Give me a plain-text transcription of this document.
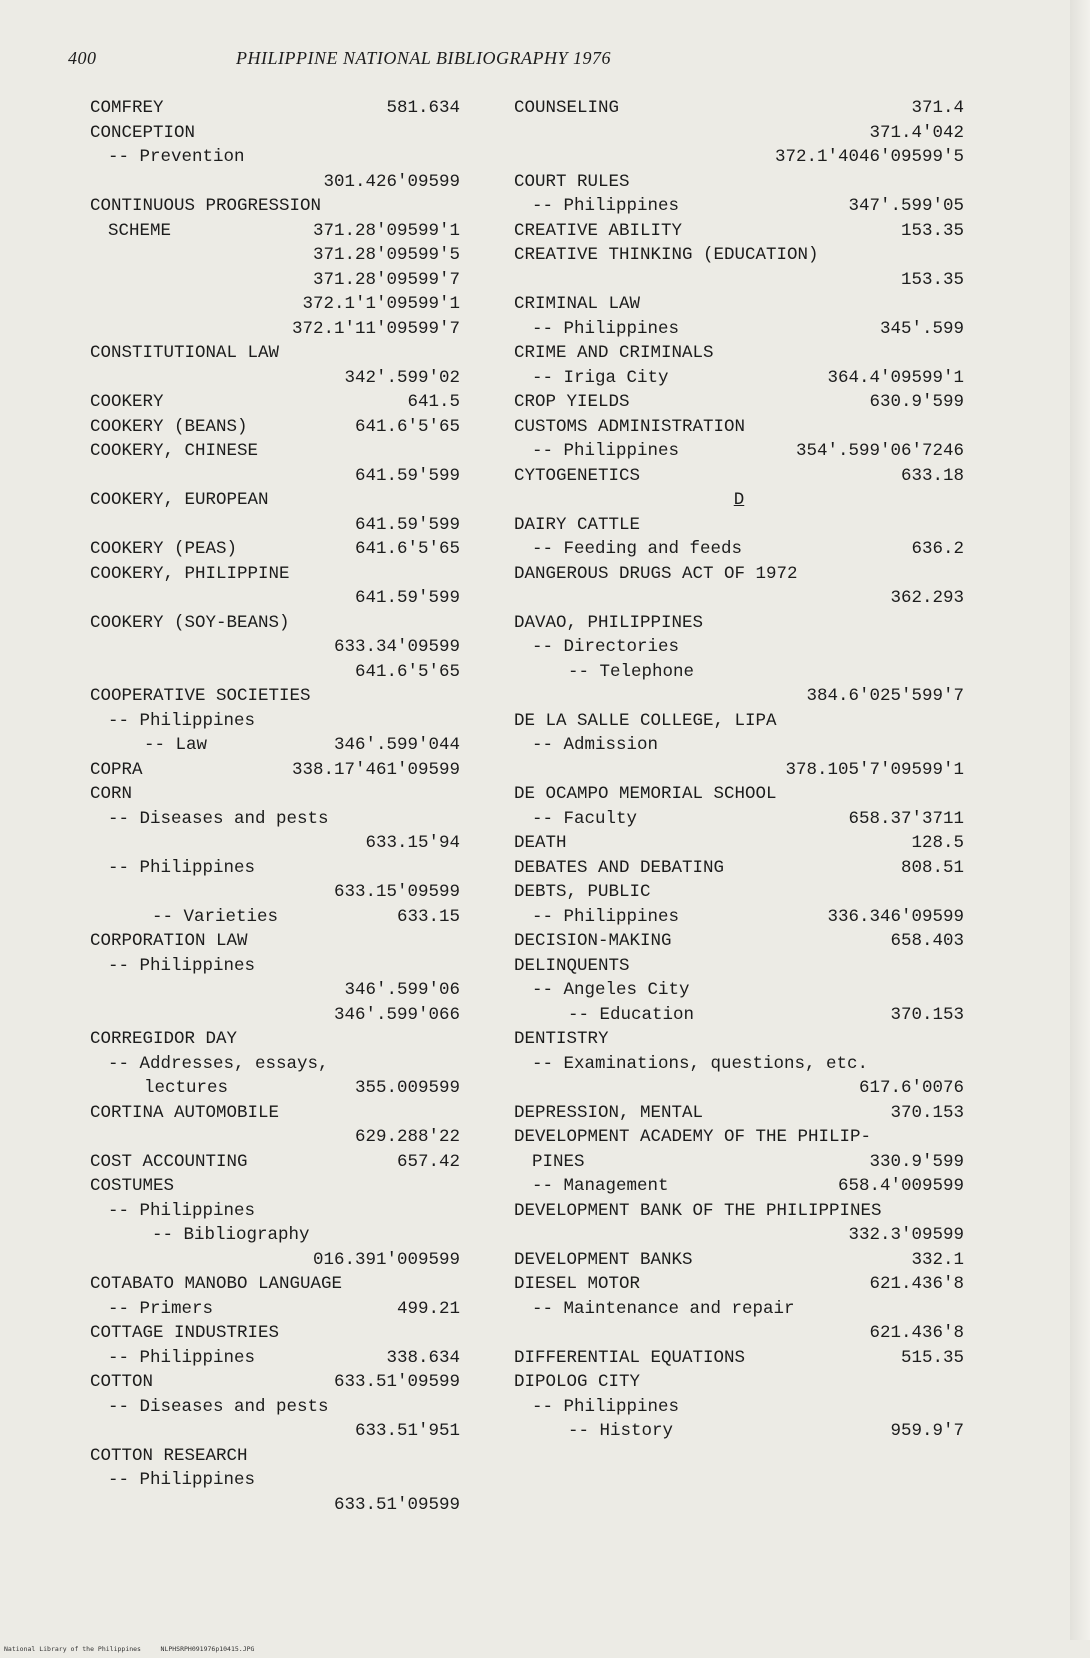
400	PHILIPPINE NATIONAL BIBLIOGRAPHY 1976
COMFREY	581.634
CONCEPTION
-- Prevention
301.426'09599
CONTINUOUS PROGRESSION
SCHEME	371.28'09599'1
371.28'09599'5
371.28'09599'7
372.1'1'09599'1
372.1'11'09599'7
CONSTITUTIONAL LAW
342'.599'02
COOKERY	641.5
COOKERY (BEANS)	641.6'5'65
COOKERY, CHINESE
641.59'599
COOKERY, EUROPEAN
641.59'599
COOKERY (PEAS)	641.6'5'65
COOKERY, PHILIPPINE
641.59'599
COOKERY (SOY-BEANS)
633.34'09599
641.6'5'65
COOPERATIVE SOCIETIES
-- Philippines
-- Law	346'.599'044
COPRA	338.17'461'09599
CORN
-- Diseases and pests
633.15'94
-- Philippines
633.15'09599
-- Varieties	633.15
CORPORATION LAW
-- Philippines
346'.599'06
346'.599'066
CORREGIDOR DAY
-- Addresses, essays,
lectures	355.009599
CORTINA AUTOMOBILE
629.288'22
COST ACCOUNTING	657.42
COSTUMES
-- Philippines
-- Bibliography
016.391'009599
COTABATO MANOBO LANGUAGE
-- Primers	499.21
COTTAGE INDUSTRIES
-- Philippines	338.634
COTTON	633.51'09599
-- Diseases and pests
633.51'951
COTTON RESEARCH
-- Philippines
633.51'09599
COUNSELING	371.4
371.4'042
372.1'4046'09599'5
COURT RULES
-- Philippines	347'.599'05
CREATIVE ABILITY	153.35
CREATIVE THINKING (EDUCATION)
153.35
CRIMINAL LAW
-- Philippines	345'.599
CRIME AND CRIMINALS
-- Iriga City	364.4'09599'1
CROP YIELDS	630.9'599
CUSTOMS ADMINISTRATION
-- Philippines	354'.599'06'7246
CYTOGENETICS	633.18
D
DAIRY CATTLE
-- Feeding and feeds	636.2
DANGEROUS DRUGS ACT OF 1972
362.293
DAVAO, PHILIPPINES
-- Directories
-- Telephone
384.6'025'599'7
DE LA SALLE COLLEGE, LIPA
-- Admission
378.105'7'09599'1
DE OCAMPO MEMORIAL SCHOOL
-- Faculty	658.37'3711
DEATH	128.5
DEBATES AND DEBATING	808.51
DEBTS, PUBLIC
-- Philippines	336.346'09599
DECISION-MAKING	658.403
DELINQUENTS
-- Angeles City
-- Education	370.153
DENTISTRY
-- Examinations, questions, etc.
617.6'0076
DEPRESSION, MENTAL	370.153
DEVELOPMENT ACADEMY OF THE PHILIP-
PINES	330.9'599
-- Management	658.4'009599
DEVELOPMENT BANK OF THE PHILIPPINES
332.3'09599
DEVELOPMENT BANKS	332.1
DIESEL MOTOR	621.436'8
-- Maintenance and repair
621.436'8
DIFFERENTIAL EQUATIONS	515.35
DIPOLOG CITY
-- Philippines
-- History	959.9'7
National Library of the Philippines     NLPHSRPH091976p10415.JPG
